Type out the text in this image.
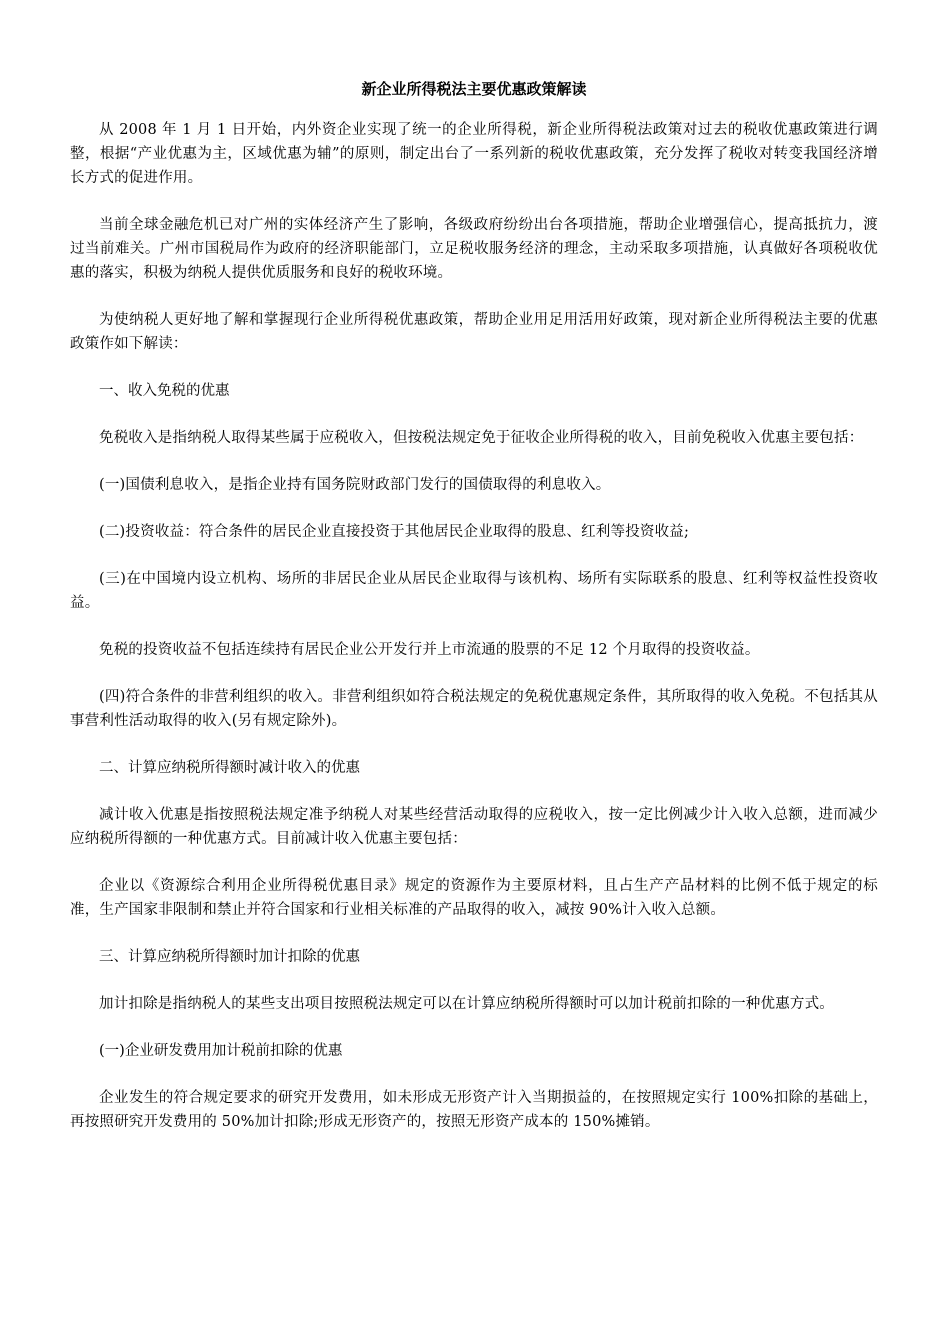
新企业所得税法主要优惠政策解读

从 2008 年 1 月 1 日开始，内外资企业实现了统一的企业所得税，新企业所得税法政策对过去的税收优惠政策进行调整，根据“产业优惠为主，区域优惠为辅”的原则，制定出台了一系列新的税收优惠政策，充分发挥了税收对转变我国经济增长方式的促进作用。

当前全球金融危机已对广州的实体经济产生了影响，各级政府纷纷出台各项措施，帮助企业增强信心，提高抵抗力，渡过当前难关。广州市国税局作为政府的经济职能部门，立足税收服务经济的理念，主动采取多项措施，认真做好各项税收优惠的落实，积极为纳税人提供优质服务和良好的税收环境。

为使纳税人更好地了解和掌握现行企业所得税优惠政策，帮助企业用足用活用好政策，现对新企业所得税法主要的优惠政策作如下解读：

一、收入免税的优惠

免税收入是指纳税人取得某些属于应税收入，但按税法规定免于征收企业所得税的收入，目前免税收入优惠主要包括：

(一)国债利息收入，是指企业持有国务院财政部门发行的国债取得的利息收入。

(二)投资收益：符合条件的居民企业直接投资于其他居民企业取得的股息、红利等投资收益;

(三)在中国境内设立机构、场所的非居民企业从居民企业取得与该机构、场所有实际联系的股息、红利等权益性投资收益。

免税的投资收益不包括连续持有居民企业公开发行并上市流通的股票的不足 12 个月取得的投资收益。

(四)符合条件的非营利组织的收入。非营利组织如符合税法规定的免税优惠规定条件，其所取得的收入免税。不包括其从事营利性活动取得的收入(另有规定除外)。

二、计算应纳税所得额时减计收入的优惠

减计收入优惠是指按照税法规定准予纳税人对某些经营活动取得的应税收入，按一定比例减少计入收入总额，进而减少应纳税所得额的一种优惠方式。目前减计收入优惠主要包括：

企业以《资源综合利用企业所得税优惠目录》规定的资源作为主要原材料，且占生产产品材料的比例不低于规定的标准，生产国家非限制和禁止并符合国家和行业相关标准的产品取得的收入，减按 90%计入收入总额。

三、计算应纳税所得额时加计扣除的优惠

加计扣除是指纳税人的某些支出项目按照税法规定可以在计算应纳税所得额时可以加计税前扣除的一种优惠方式。

(一)企业研发费用加计税前扣除的优惠

企业发生的符合规定要求的研究开发费用，如未形成无形资产计入当期损益的，在按照规定实行 100%扣除的基础上，再按照研究开发费用的 50%加计扣除;形成无形资产的，按照无形资产成本的 150%摊销。
